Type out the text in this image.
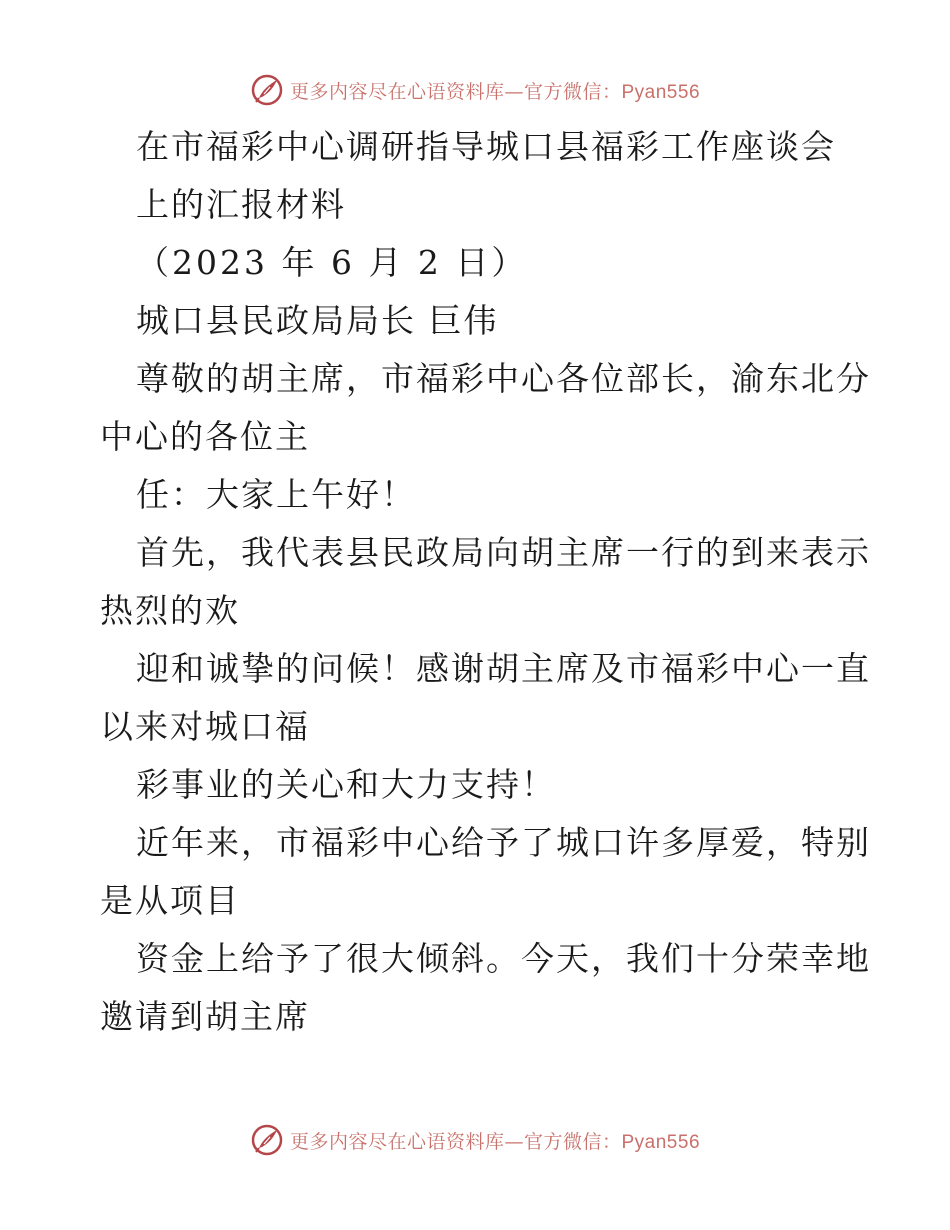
更多内容尽在心语资料库—官方微信：Pyan556
在市福彩中心调研指导城口县福彩工作座谈会
上的汇报材料
（2023 年 6 月 2 日）
城口县民政局局长 巨伟
尊敬的胡主席，市福彩中心各位部长，渝东北分
中心的各位主
任：大家上午好！
首先，我代表县民政局向胡主席一行的到来表示
热烈的欢
迎和诚挚的问候！感谢胡主席及市福彩中心一直
以来对城口福
彩事业的关心和大力支持！
近年来，市福彩中心给予了城口许多厚爱，特别
是从项目
资金上给予了很大倾斜。今天，我们十分荣幸地
邀请到胡主席
更多内容尽在心语资料库—官方微信：Pyan556
